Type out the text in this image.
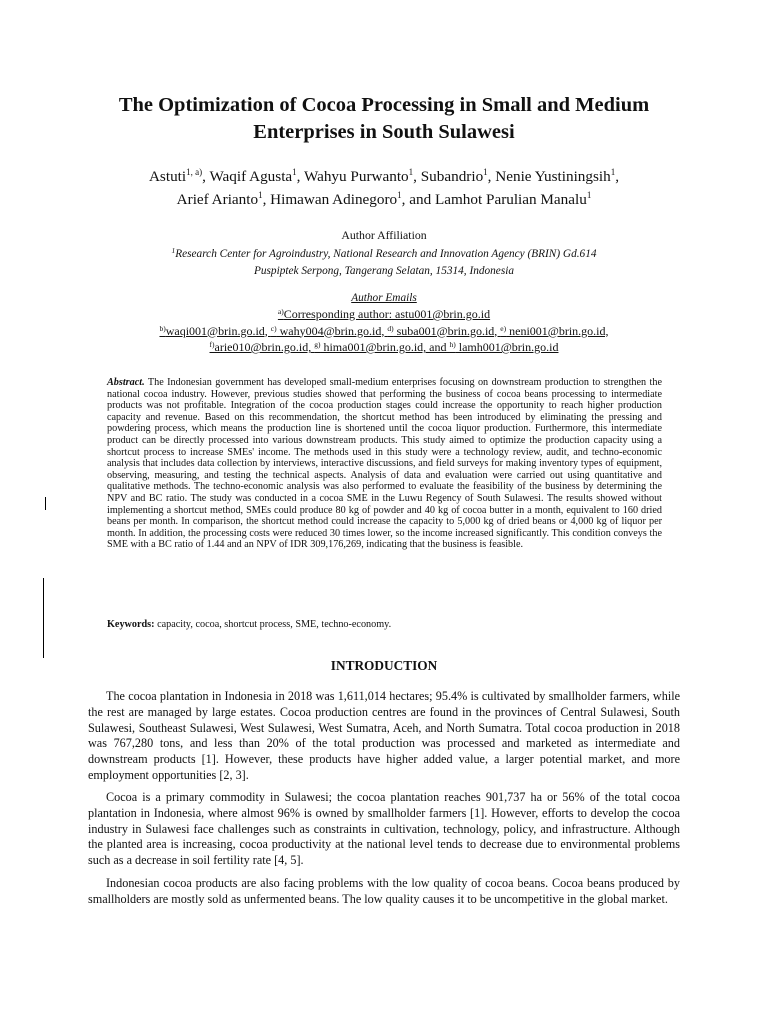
The Optimization of Cocoa Processing in Small and Medium
Enterprises in South Sulawesi
Astuti$^{1, a)}$, Waqif Agusta$^1$, Wahyu Purwanto$^1$, Subandrio$^1$, Nenie Yustiningsih$^1$,
Arief Arianto$^1$, Himawan Adinegoro$^1$, and Lamhot Parulian Manalu$^1$
Author Affiliation
$^1$Research Center for Agroindustry, National Research and Innovation Agency (BRIN) Gd.614
Puspiptek Serpong, Tangerang Selatan, 15314, Indonesia
Author Emails
$^{a)}$Corresponding author: astu001@brin.go.id
$^{b)}$waqi001@brin.go.id, $^{c)}$ wahy004@brin.go.id, $^{d)}$ suba001@brin.go.id, $^{e)}$ neni001@brin.go.id,
$^{f)}$arie010@brin.go.id, $^{g)}$ hima001@brin.go.id, and $^{h)}$ lamh001@brin.go.id

Abstract. The Indonesian government has developed small-medium enterprises focusing on downstream production to strengthen the national cocoa industry. However, previous studies showed that performing the business of cocoa beans processing to intermediate products was not profitable. Integration of the cocoa production stages could increase the opportunity to reach higher production capacity and revenue. Based on this recommendation, the shortcut method has been introduced by eliminating the pressing and powdering process, which means the production line is shortened until the cocoa liquor production. Furthermore, this intermediate product can be directly processed into various downstream products. This study aimed to optimize the production capacity using a shortcut process to increase SMEs' income. The methods used in this study were a technology review, audit, and techno-economic analysis that includes data collection by interviews, interactive discussions, and field surveys for making inventory types of equipment, observing, measuring, and testing the technical aspects. Analysis of data and evaluation were carried out using quantitative and qualitative methods. The techno-economic analysis was also performed to evaluate the feasibility of the business by determining the NPV and BC ratio. The study was conducted in a cocoa SME in the Luwu Regency of South Sulawesi. The results showed without implementing a shortcut method, SMEs could produce 80 kg of powder and 40 kg of cocoa butter in a month, equivalent to 160 dried beans per month. In comparison, the shortcut method could increase the capacity to 5,000 kg of dried beans or 4,000 kg of liquor per month. In addition, the processing costs were reduced 30 times lower, so the income increased significantly. This condition conveys the SME with a BC ratio of 1.44 and an NPV of IDR 309,176,269, indicating that the business is feasible.

Keywords: capacity, cocoa, shortcut process, SME, techno-economy.

INTRODUCTION

The cocoa plantation in Indonesia in 2018 was 1,611,014 hectares; 95.4% is cultivated by smallholder farmers, while the rest are managed by large estates. Cocoa production centres are found in the provinces of Central Sulawesi, South Sulawesi, Southeast Sulawesi, West Sulawesi, West Sumatra, Aceh, and North Sumatra. Total cocoa production in 2018 was 767,280 tons, and less than 20% of the total production was processed and marketed as intermediate and downstream products [1]. However, these products have higher added value, a larger potential market, and more employment opportunities [2, 3].

Cocoa is a primary commodity in Sulawesi; the cocoa plantation reaches 901,737 ha or 56% of the total cocoa plantation in Indonesia, where almost 96% is owned by smallholder farmers [1]. However, efforts to develop the cocoa industry in Sulawesi face challenges such as constraints in cultivation, technology, policy, and infrastructure. Although the planted area is increasing, cocoa productivity at the national level tends to decrease due to environmental problems such as a decrease in soil fertility rate [4, 5].

Indonesian cocoa products are also facing problems with the low quality of cocoa beans. Cocoa beans produced by smallholders are mostly sold as unfermented beans. The low quality causes it to be uncompetitive in the global market.
